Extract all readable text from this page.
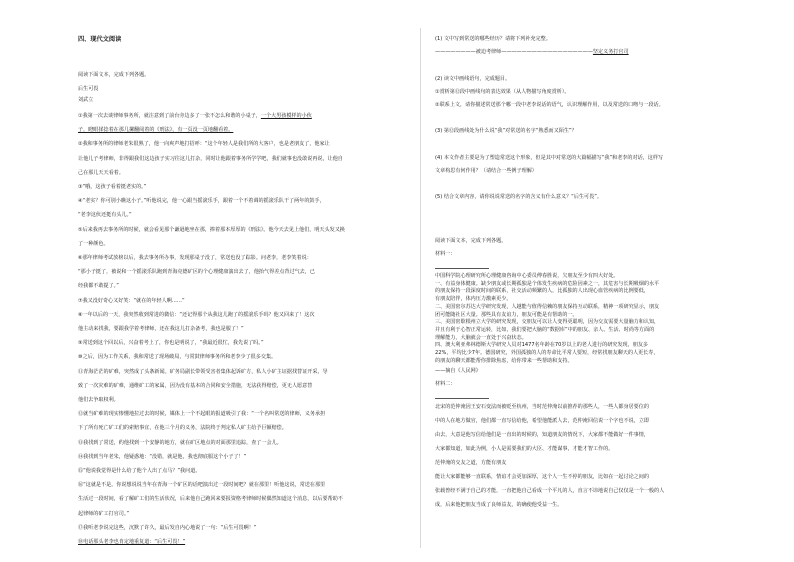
四、现代文阅读
阅读下面文本，完成下列各题。
后生可畏
刘武立
①我第一次去谈律师事务所，就注意到了前台旁边多了一张不怎么和谐的小桌子，一个大男孩模样的小伙
子，瞪眼揉捻着在那几摞翻阅着的《刑法》，有一页没一页地翻看着。
②我和事务所的律师老朱很熟了，他一向爽声地打招呼：“这个年轻人是我们所的大客户，也是老朋友了，他家让
让他儿子考律师，非得跟我们这边孩子实习往这儿打杂，同时让他跟着事务所学学吧，我们就事也没敢说再说，让他自
己在那儿天天看着。
③“哦，这孩子看着挺老实的。”
④“老实？你可别小瞧这小子。”听他说完，他一心跟当摇滚乐手，跟着一个不着调的摇滚乐队干了两年的鼓手，
“老李这伙还挺有头儿。”
⑤后来我再去事务所的时候，就会看见那个谦逊地坐在那，捧着那本厚厚的《刑法》。他今天去见上他们，明天头发又换
了一种颜色。
⑥那年律师考试放榜以后，我去事务所办事，发现那桌子没了，常送也没了踪影。问老李，老李笑着说：
“那小子挺了，被说和一个摇滚乐队跑到青海克德矿区的个心理健康演出去了，他抬气得差点背过气去，已
经我都不敢提了。”
⑦我又没好奇心又好笑：“就在的年轻人啊……”
⑧一年以后的一天，我突然收到常进的微信：“还记得那个从我这儿跑了的摇滚乐手吗？他又回来了！这次
他主动来找我，要跟我学着考律师，还在我这儿打杂备考，我也是服了！”
⑨常送到这个回以后，兴奋着考上了，你也是明说了，“我最近很忙，我先说了吗。”
⑩之后，因为工作关系，我和常送了现场破局，与常鼓律师事务所和老李少了很多交集。
⑪青海茫茫的矿难，突然成了头条新闻。矿务局副长带领受害者集体起诉矿方，私人小矿主证据找替证开采，导
致了一次灾难的矿难，通维矿工的家属，因为没有基本的合同和安全措施，无法获得赔偿，更无人愿意替
他们去争取权利。
⑫就当矿难的现实惨懂地拉过去的时候，媒体上一个不起眼的报道吸引了我：“一个名叫常送的律师，义务承担
下了所有死亡矿工们的索赔事宜，在他三个月的义务，法院终于判定私人矿主给予巨额赔偿。
⑬我找到了常送，约他找到一个安静的地方，就在矿区地点的对面那里追踪，查了一会儿。
⑭我找到当年老朱，他疑惑地：“没错，就是他，我也彻底服这个小子了！”
⑮“他说我觉得是什么给了他个人出了点马？”我问道。
⑯“这就是不是。你说想说说当年在青海一个矿区的话吧演出过一段时间吧？就在那里！听他这说，常送在那里
生活过一段时间，看了解矿工们的生活状况，后来他自己跑回来要报资格考律师时候偶然知道这个消息，以后要帮助不
起律师的矿工打官司。”
⑰我听老李说完这些，沉默了许久，最后发自内心地说了一句：“后生可畏啊！”
⑱电话那头老李也肯定地重复道：“后生可畏！”
(1) 文中写到常送的哪些经历？请将下列补充完整。
————————被迫考律师——————————————————坚定义务打官司
(2) 读文中画线语句，完成题目。
①赏析第⑫段中画线句的表达效果（从人物描写角度赏析）。
②联系上文，请你描述常送那个哪一段中老李说话的语气，认识理解作用，以及常送的口吻与一段话。
(3) 第⑫段画线处为什么说“我”对常送的名字“熟悉而又陌生”？
(4) 本文作者主要是为了塑造常送这个形象，但是其中对常送的大篇幅描写“我”和老李的对话，这样写
文章构思有何作用？（请结合一些例子理解）
(5) 结合文章内容，请你说说常送的名字的含义有什么意义？“后生可畏”。
阅读下面文本，完成下列各题。
材料一：
中国科学院心理研究所心理健康咨询中心委员傅春胜说，欠朋友至少有四大好处。
一、有益身体健康。缺少朋友或长期孤独是个体发生疾病的危险因素之一，其危害与长期吸烟的水平
的朋友保持一段深度时间的联系，社交活动频繁的人，比孤独的人出现心血管疾病的比例要低，
有朋友陪伴，体内压力激素更少。
二、美国密尔苏达大学研究发现，人越能与值得信赖的朋友保持互动联系，精神一项研究显示，朋友
团可能随社区大量。那些具有友谊力，朋友可能是有帮助的一。
三、美国密歇根州立大学的研究发现，交朋友可以让人变得更聪明，因为交友需要大量脑力和认知，
并且有利于心智正常运转，比如，我们要把大脑的“数据库”中的朋友、亲人、生活、时尚等方面的
理解能力，大脑就会一直处于兴奋状态。
四、澳大利亚弗林德斯大学研究人员对1477名年龄在70岁以上的老人进行的研究发现，朋友多
22%，平均比少7年。德国研究，外国孤独的人的寿命比平常人要短，经常找朋友聊天的人更长寿，
的朋友的聊天都能帮你排除焦虑，给你带来一些帮助和支持。
——摘自《人民网》
材料二：
北宋的范仲淹因王安石变法而被贬至杭州，当时范仲淹以前推荐的那些人，一些人都身居要位的
中的人在地方做官，他们都一直写信给他，希望他能派人去，范仲淹回信说一个字也不说，立即
由去，大意是他写信给他们是一直出的时候的，知道朋友的情况下，大家都不能做好一件事情，
大家都知道，如此为例，小人是需要我们的大臣、才能谋事，才能才智工作的。
范仲淹的交友之道，方能有朋友
能让大家都能够一直联系，情谊才会更加深厚，这个人一生不停的朋友，比如在一起讨论之间的
张载曾经不满于自己的才能，一直把他自己看成一个平凡的人，直言不讳地说自己仅仅是一个一般的人
成，后来他把朋友当成了良师益友，的确使他受益一生。
